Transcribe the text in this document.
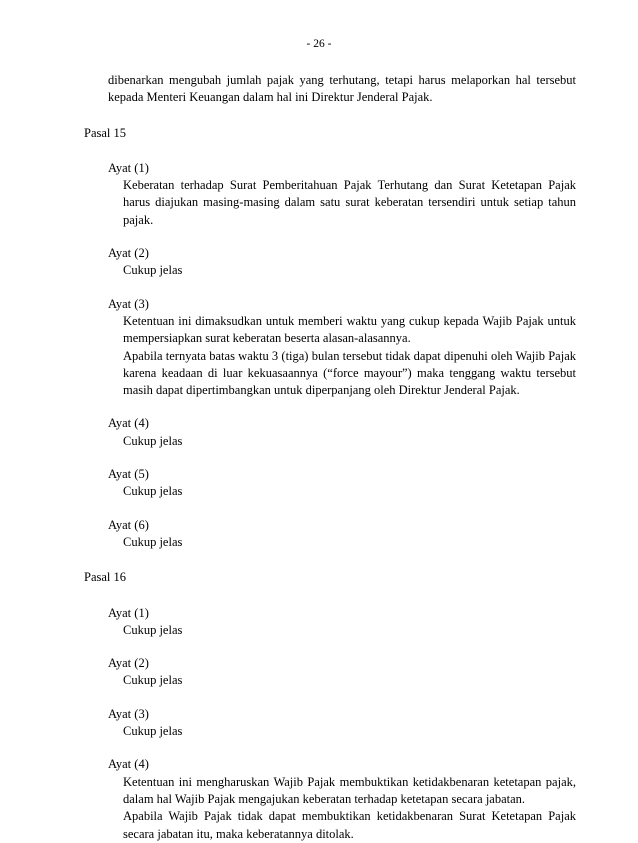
- 26 -
dibenarkan mengubah jumlah pajak yang terhutang, tetapi harus melaporkan hal tersebut kepada Menteri Keuangan dalam hal ini Direktur Jenderal Pajak.
Pasal 15
Ayat (1)
Keberatan terhadap Surat Pemberitahuan Pajak Terhutang dan Surat Ketetapan Pajak harus diajukan masing-masing dalam satu surat keberatan tersendiri untuk setiap tahun pajak.
Ayat (2)
Cukup jelas
Ayat (3)
Ketentuan ini dimaksudkan untuk memberi waktu yang cukup kepada Wajib Pajak untuk mempersiapkan surat keberatan beserta alasan-alasannya.
Apabila ternyata batas waktu 3 (tiga) bulan tersebut tidak dapat dipenuhi oleh Wajib Pajak karena keadaan di luar kekuasaannya (“force mayour”) maka tenggang waktu tersebut masih dapat dipertimbangkan untuk diperpanjang oleh Direktur Jenderal Pajak.
Ayat (4)
Cukup jelas
Ayat (5)
Cukup jelas
Ayat (6)
Cukup jelas
Pasal 16
Ayat (1)
Cukup jelas
Ayat (2)
Cukup jelas
Ayat (3)
Cukup jelas
Ayat (4)
Ketentuan ini mengharuskan Wajib Pajak membuktikan ketidakbenaran ketetapan pajak, dalam hal Wajib Pajak mengajukan keberatan terhadap ketetapan secara jabatan.
Apabila Wajib Pajak tidak dapat membuktikan ketidakbenaran Surat Ketetapan Pajak secara jabatan itu, maka keberatannya ditolak.
